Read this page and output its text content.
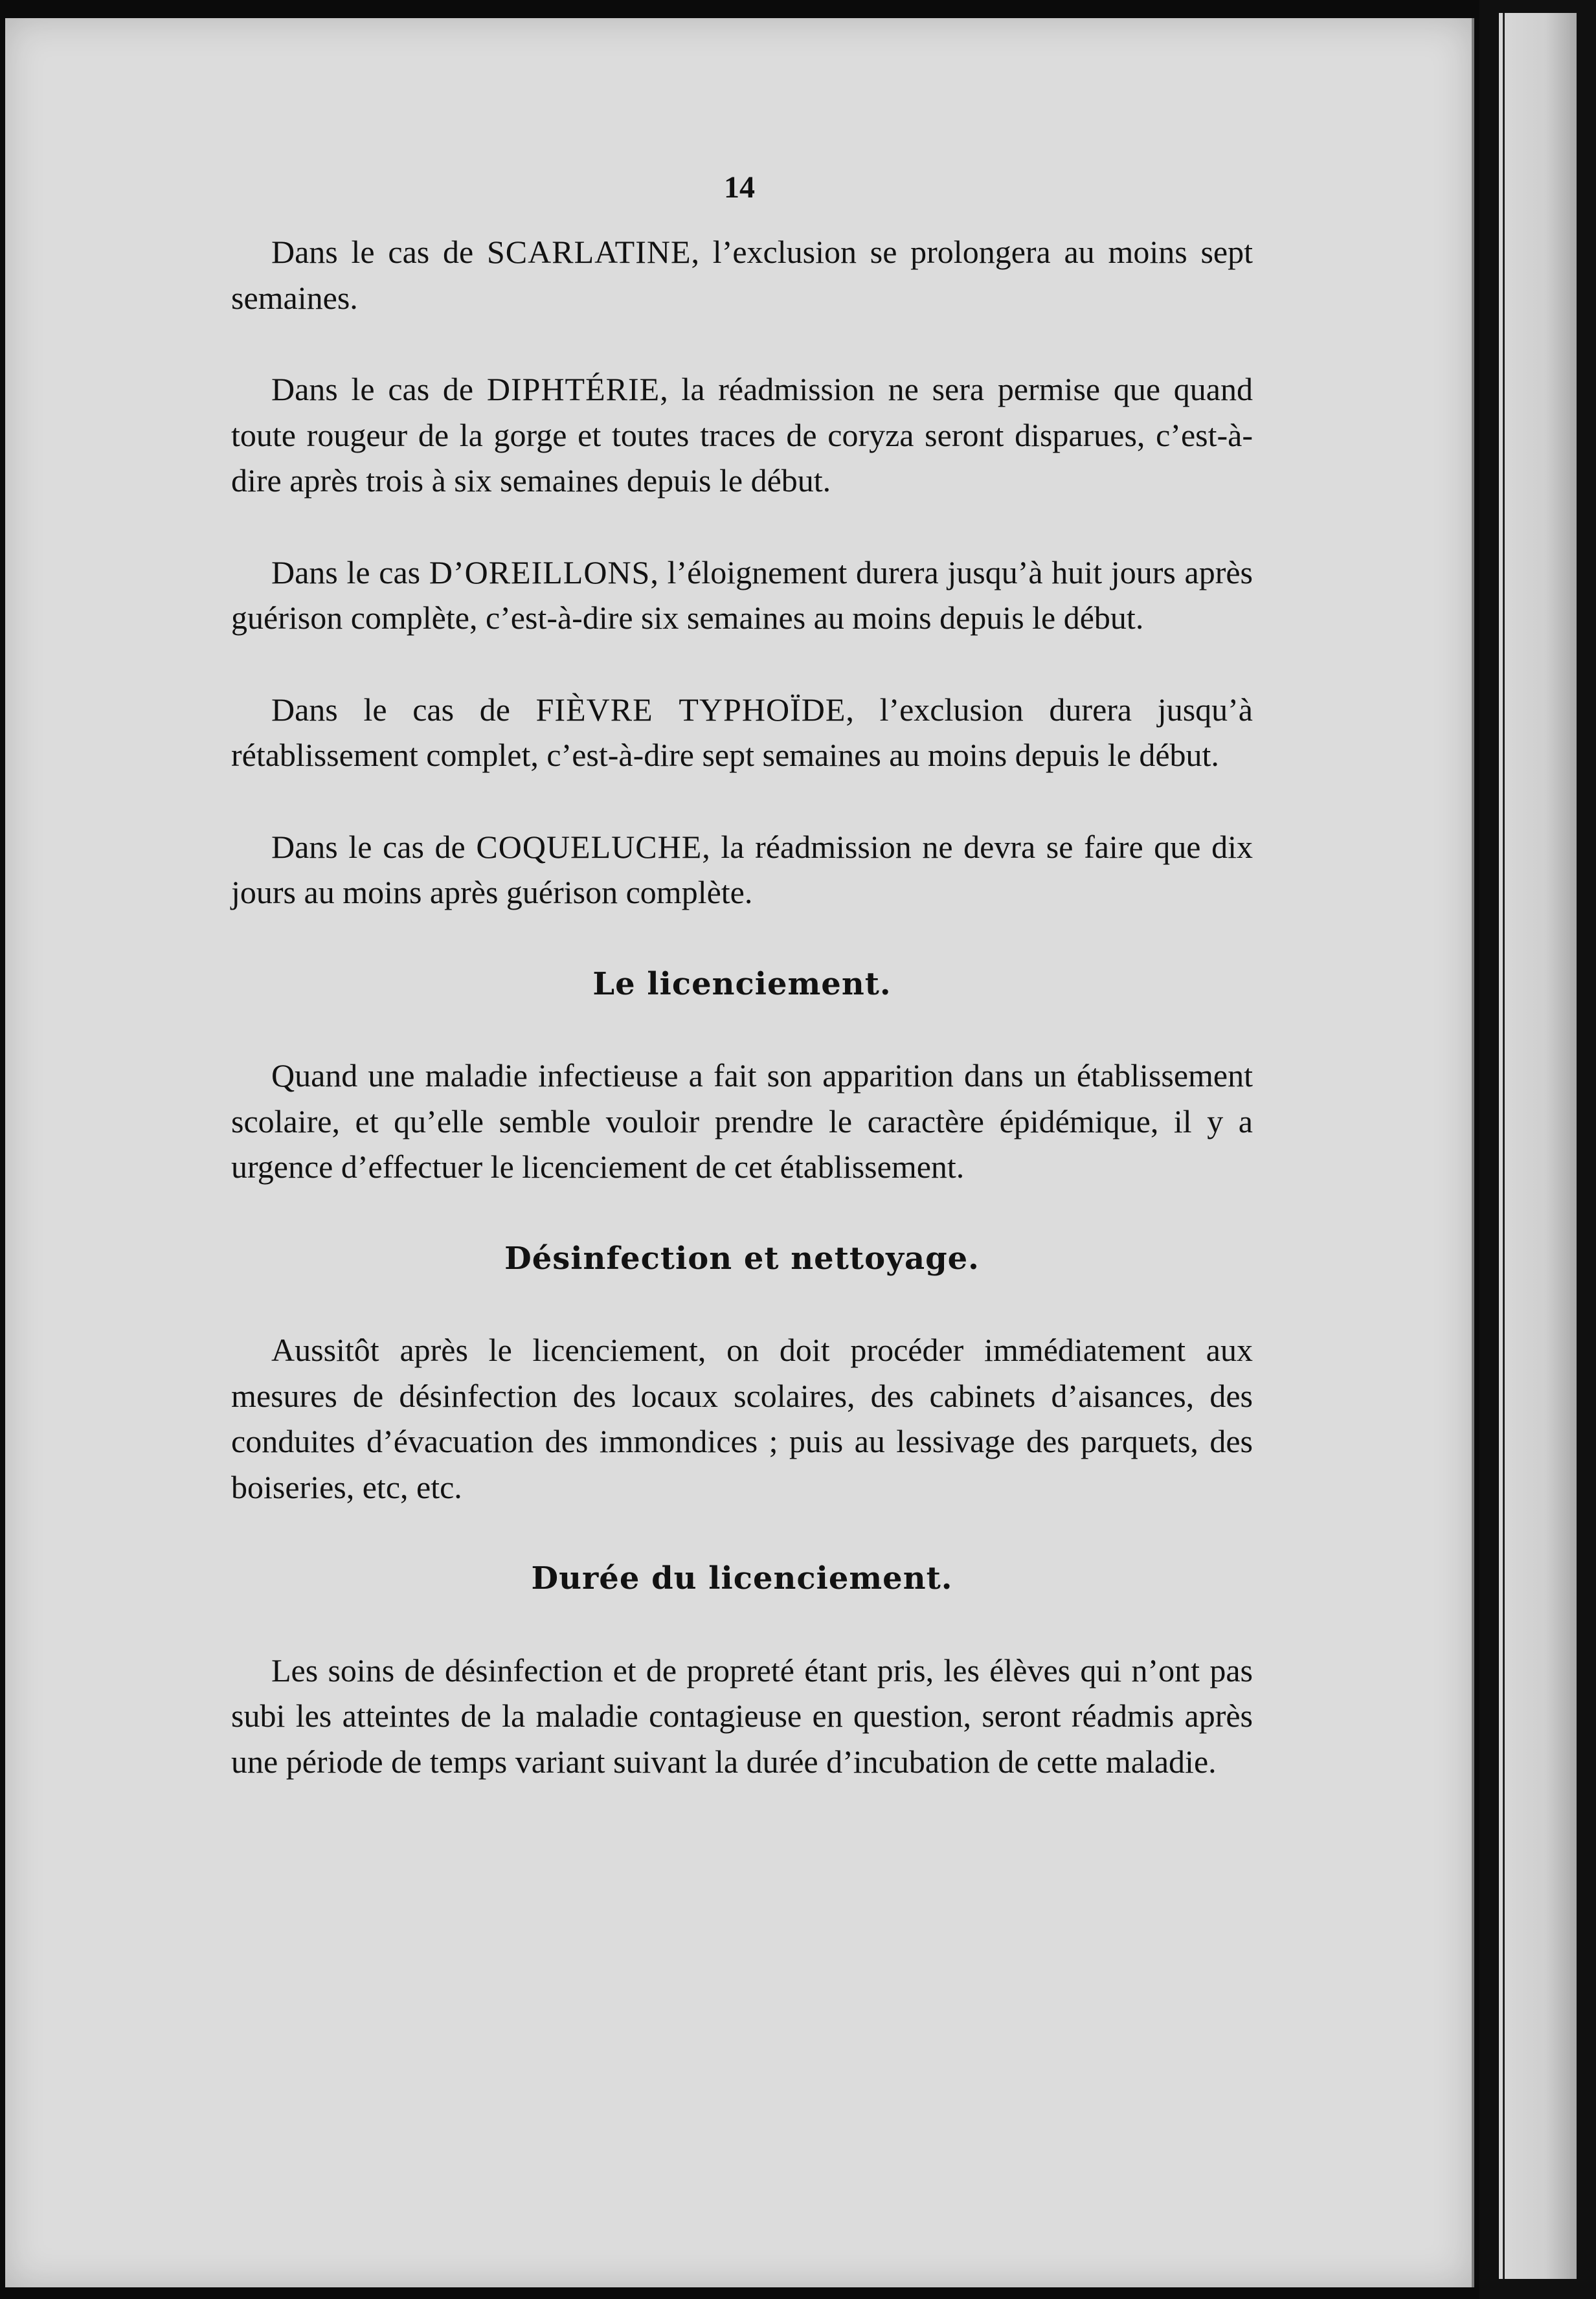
14

Dans le cas de SCARLATINE, l’exclusion se prolongera au moins sept semaines.

Dans le cas de DIPHTÉRIE, la réadmission ne sera permise que quand toute rougeur de la gorge et toutes traces de coryza seront disparues, c’est-à-dire après trois à six semaines depuis le début.

Dans le cas D’OREILLONS, l’éloignement durera jusqu’à huit jours après guérison complète, c’est-à-dire six semaines au moins depuis le début.

Dans le cas de FIÈVRE TYPHOÏDE, l’exclusion durera jusqu’à rétablissement complet, c’est-à-dire sept semaines au moins depuis le début.

Dans le cas de COQUELUCHE, la réadmission ne devra se faire que dix jours au moins après guérison complète.

Le licenciement.

Quand une maladie infectieuse a fait son apparition dans un établissement scolaire, et qu’elle semble vouloir prendre le caractère épidémique, il y a urgence d’effectuer le licenciement de cet établissement.

Désinfection et nettoyage.

Aussitôt après le licenciement, on doit procéder immédiatement aux mesures de désinfection des locaux scolaires, des cabinets d’aisances, des conduites d’évacuation des immondices ; puis au lessivage des parquets, des boiseries, etc, etc.

Durée du licenciement.

Les soins de désinfection et de propreté étant pris, les élèves qui n’ont pas subi les atteintes de la maladie contagieuse en question, seront réadmis après une période de temps variant suivant la durée d’incubation de cette maladie.
